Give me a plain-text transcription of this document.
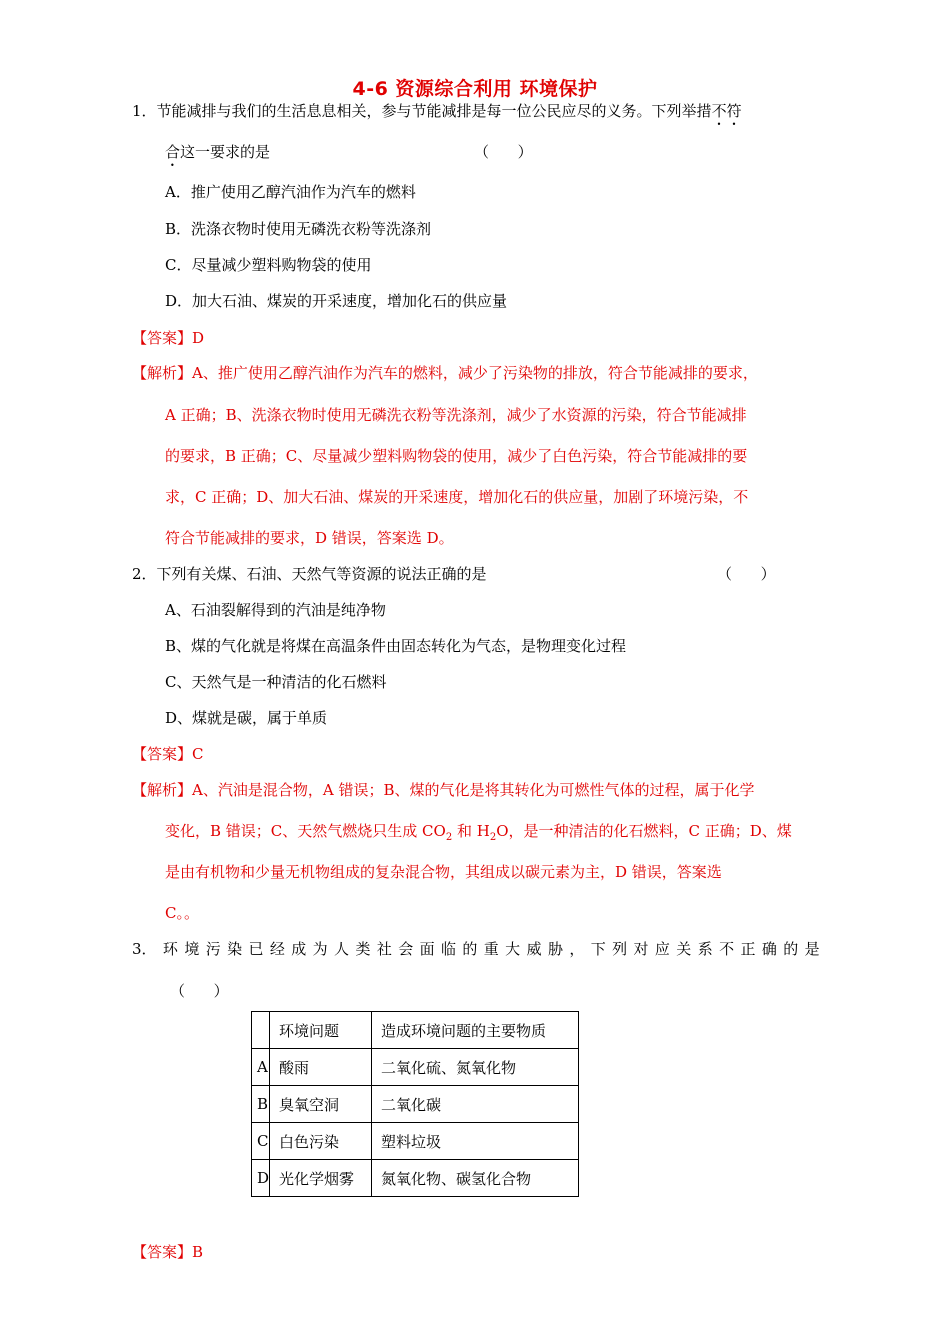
4-6 资源综合利用 环境保护
1．节能减排与我们的生活息息相关，参与节能减排是每一位公民应尽的义务。下列举措不符
合这一要求的是	（      ）
A．推广使用乙醇汽油作为汽车的燃料
B．洗涤衣物时使用无磷洗衣粉等洗涤剂
C．尽量减少塑料购物袋的使用
D．加大石油、煤炭的开采速度，增加化石的供应量
【答案】D
【解析】A、推广使用乙醇汽油作为汽车的燃料，减少了污染物的排放，符合节能减排的要求，
A 正确；B、洗涤衣物时使用无磷洗衣粉等洗涤剂，减少了水资源的污染，符合节能减排
的要求，B 正确；C、尽量减少塑料购物袋的使用，减少了白色污染，符合节能减排的要
求，C 正确；D、加大石油、煤炭的开采速度，增加化石的供应量，加剧了环境污染，不
符合节能减排的要求，D 错误，答案选 D。
2．下列有关煤、石油、天然气等资源的说法正确的是	（      ）
A、石油裂解得到的汽油是纯净物
B、煤的气化就是将煤在高温条件由固态转化为气态，是物理变化过程
C、天然气是一种清洁的化石燃料
D、煤就是碳，属于单质
【答案】C
【解析】A、汽油是混合物，A 错误；B、煤的气化是将其转化为可燃性气体的过程，属于化学
变化，B 错误；C、天然气燃烧只生成 $CO_2$ 和 $H_2O$，是一种清洁的化石燃料，C 正确；D、煤
是由有机物和少量无机物组成的复杂混合物，其组成以碳元素为主，D 错误，答案选
C。。
3． 环 境 污 染 已 经 成 为 人 类 社 会 面 临 的 重 大 威 胁 ， 下 列 对 应 关 系 不 正 确 的 是
（      ）
	环境问题	造成环境问题的主要物质
A	酸雨	二氧化硫、氮氧化物
B	臭氧空洞	二氧化碳
C	白色污染	塑料垃圾
D	光化学烟雾	氮氧化物、碳氢化合物
【答案】B
